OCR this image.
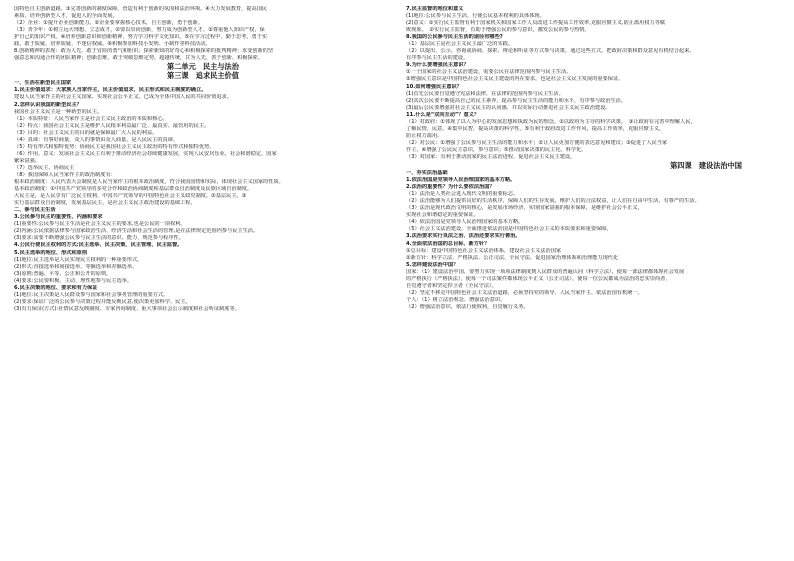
国特色自主创新道路。③完善创新的制度保障，营造有利于创新的氛围和法治环境。④大力发展教育，提高国民
素质，培养创新型人才，促进人的全面发展。
（2）企业：①提升企业创新能力。②企业要掌握核心技术，自主创新，勇于创新。
（3）青少年：①树立远大理想，立志成才。②要以崇尚创新，努力成为创新型人才。③尊重他人知识产权，保
护自己的知识产权。④培养创新意识和创新精神，努力学习科学文化知识。⑤在学习过程中，勤于思考，勇于实
践，敢于质疑，培养质疑、不迷信权威。⑥积极参加科技小发明、小制作等科技活动。
8.创新精神的表现：敢为人先、敢于冒险的勇气和胆识；探索新知的好奇心和积极探索的批判精神；求变创新的坚
强意志和沟通合作的团队精神；创新思维，敢于突破思维定势，超越传统，甘为人先，善于创新、积极探索。
第二单元　民主与法治
第三课　追求民主价值
一、生活在新型民主国家
1.民主价值追求：大家族人当家作主，民主价值追求，民主形式和民主制度的确立。
建设人民当家作主的社会主义国家，实现社会公平正义，已成为全体中国人民的共同价值追求。
2.怎样认识我国的新型民主？
我国社会主义民主是一种新型的民主。
（1）本质特征：人民当家作主是社会主义民主政治的本质和核心。
（2）特点：我国社会主义民主是维护人民根本利益最广泛、最真实、最管用的民主。
（3）目的：社会主义民主的目的就是保障最广大人民的利益。
（4）真谛：有事好商量，众人的事情由众人商量，是人民民主的真谛。
（5）特有形式和独特优势：协商民主是我国社会主义民主政治的特有形式和独特优势。
（6）作用、意义：发展社会主义民主有利于推动经济社会持续健康发展，实现人民安居乐业，社会和谐稳定，国家
繁荣富强。
（7）选举民主、协商民主
（8）我国保障人民当家作主的政治制度有：
根本政治制度：人民代表大会制度是人民当家作主的根本政治制度，符合我国国情和实际，体现社会主义国家的性质。
基本政治制度：①中国共产党领导的多党合作和政治协商制度和基层群众自治制度及民族区域自治制度。
大民主是，是人民享有广泛民主权利、中国共产党领导的中国特色社会主义政党制度。②基层民主。③
实行基层群众自治制度，发展基层民主，是社会主义民主政治建设的基础工程。
二、参与民主生活
3.公民参与民主的重要性、内涵和要求
(1)重要性:公民参与民主生活是社会主义民主的要求,也是公民的一项权利。
(2)内涵:公民依据法律参与国家政治生活、经济生活和社会生活的管理,是在法律规定范围内参与民主生活。
(3)要求:需要不断增强公民参与民主生活的意识、能力、规范参与程序性。
4.公民行使民主权利的方式:民主选举、民主决策、民主管理、民主监督。
5.民主选举的地位、形式和原则
(1)地位:民主选举是人民实现民主权利的一种重要形式。
(2)形式:直接选举和间接选举、等额选举和差额选举。
(3)原则:普遍、平等、公正和公开的原则。
(4)要求:公民要积极、主动、理性地参与民主选举。
6.民主决策的地位、要求和有力保证
(1)地位:民主决策是人民群众参与国家和社会事务管理的重要方式。
(2)要求:保证广泛的公民参与决策过程并能反映民意,使决策更加科学、民主。
(3)有力保证(方式):社情民意反映制度、专家咨询制度、重大事项社会公示制度和社会听证制度等。
7.民主监督的地位和意义
(1)地位:公民参与民主生活，行使公民基本权利的具体体现。
(2)意义：①实行民主监督有利于国家机关和国家工作人员改进工作提高工作效率,克服官僚主义,防止滥用权力等腐
败现象。　②实行民主监督，有助于增强公民的参与意识，激发公民的参与热情。
8.我国的公民参与民主生活的途径有哪些?
（1）基层民主是社会主义民主最广泛的实践。
（2）以提出、公示、咨询或协商、探索、辩论和听证等方式参与决策。通过这些方式，把政府决策和群众意见有机结合起来，
有序参与民主生活的建设。
9.为什么要增强民主意识？
①一个国家的社会主义法治建设，需要公民在法律范围内参与民主生活。
②增强民主意识是中国特色社会主义民主建设的内在要求，也是社会主义民主发展的重要保证。
10.如何增强民主意识？
(1)首先公民要自觉遵守宪法和法律，在法律的范围内参与民主生活。
(2)其次公民要不断提高自己的民主素养，提高参与民主生活的能力和水平，有序参与政治生活。
(3)最后公民要增强对社会主义民主的认同感，并以实际行动推进社会主义民主政治建设。
11.什么是“双向互动”？意义？
（1）对政府：①体现了以人为中心的发展思想和执政为民的理念。②以政府为主导的科学决策。　③让政府在完善中理解人民，
了解民情，民意。④集中民智，提高决策的科学性。⑤有利于政府改进工作作风，提高工作效率，克服官僚主义，
防止权力滥用。
（2）对公民：①增强了公民参与民主生活的能力和水平；②让人民更加方便的表达意见和建议；③促进了人民当家
作主，④增强了公民民主意识，参与意识；⑤推动国家决策的民主化、科学化。
（3）对国家：有利于推动国家的民主法治进程，促进社会主义民主建设。
第四课　建设法治中国
一、夯实法治基础
1.依法治国是党领导人民治理国家的基本方略。
2.法治的重要性？为什么要依法治国？
（1）法治是人类社会进入现代文明的重要标志。
（2）法治能够为人们提供良好的生活秩序，保障人们的生存发展，维护人们的合法权益，让人们在自由中生活、有尊严的生活。
（3）法治是现代政治文明的核心，是发展市场经济，实现国家富强的根本保障，是维护社会公平正义，
实现社会和谐稳定的重要保证。
（4）依法治国是党领导人民治理国家的基本方略。
（5）社会主义法治建设，全面推进依法治国是中国特色社会主义的本质要求和重要保障。
3.法治要求实行良法之治、法治还要求实行善治。
4.全面依法治国的总目标、新方针？
①总目标：建设中国特色社会主义法治体系，建设社会主义法治国家
②新方针：科学立法、严格执法、公正司法、全民守法，促进国家治理体系和治理能力现代化
5.怎样建设法治中国？
国家：（1）建设法治中国，要努力实现一项项法律制度到人民群众的普遍认同（科学立法），使每一部法律都体现社会发展
的严格执行（严格执法），使每一个司法案件都体现公平正义（公正司法），使每一位公民都成为法治的忠实崇尚者、
自觉遵守者和坚定捍卫者（全民守法）。
（2）坚定不移走中国特色社会主义法治道路，必须坚持党的领导、人民当家作主、依法治国有机统一。
个人：（1）树立法治观念、增强法治意识。
（2）增强法治意识，依法行使权利，自觉履行义务。
